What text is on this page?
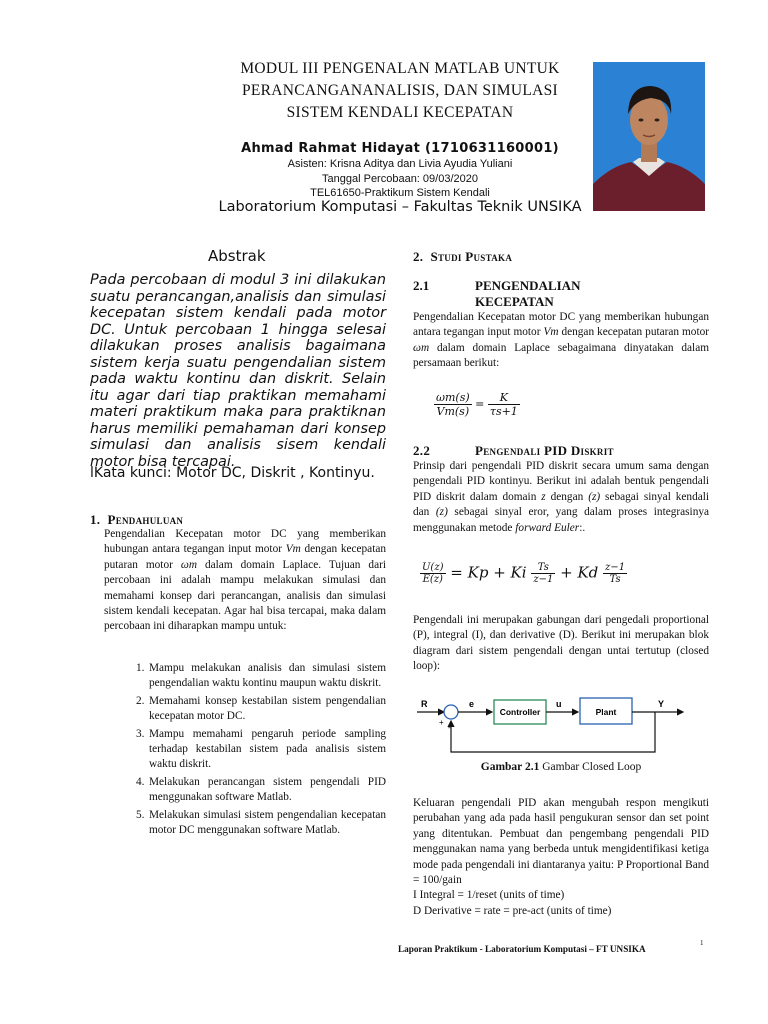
MODUL III PENGENALAN MATLAB UNTUK
PERANCANGANANALISIS, DAN SIMULASI
SISTEM KENDALI KECEPATAN
Ahmad Rahmat Hidayat (1710631160001)
Asisten: Krisna Aditya dan Livia Ayudia Yuliani
Tanggal Percobaan: 09/03/2020
TEL61650-Praktikum Sistem Kendali
Laboratorium Komputasi – Fakultas Teknik UNSIKA
Abstrak
Pada percobaan di modul 3 ini dilakukan suatu perancangan,analisis dan simulasi kecepatan sistem kendali pada motor DC. Untuk percobaan 1 hingga selesai dilakukan proses analisis bagaimana sistem kerja suatu pengendalian sistem pada waktu kontinu dan diskrit. Selain itu agar dari tiap praktikan memahami materi praktikum maka para praktiknan harus memiliki pemahaman dari konsep simulasi dan analisis sisem kendali motor bisa tercapai.
lKata kunci: Motor DC, Diskrit , Kontinyu.
1. Pendahuluan
Pengendalian Kecepatan motor DC yang memberikan hubungan antara tegangan input motor Vm dengan kecepatan putaran motor ωm dalam domain Laplace. Tujuan dari percobaan ini adalah mampu melakukan simulasi dan memahami konsep dari perancangan, analisis dan simulasi sistem kendali kecepatan. Agar hal bisa tercapai, maka dalam percobaan ini diharapkan mampu untuk:
1. Mampu melakukan analisis dan simulasi sistem pengendalian waktu kontinu maupun waktu diskrit.
2. Memahami konsep kestabilan sistem pengendalian kecepatan motor DC.
3. Mampu memahami pengaruh periode sampling terhadap kestabilan sistem pada analisis sistem waktu diskrit.
4. Melakukan perancangan sistem pengendali PID menggunakan software Matlab.
5. Melakukan simulasi sistem pengendalian kecepatan motor DC menggunakan software Matlab.
2. Studi Pustaka
2.1	PENGENDALIAN
KECEPATAN
Pengendalian Kecepatan motor DC yang memberikan hubungan antara tegangan input motor Vm dengan kecepatan putaran motor ωm dalam domain Laplace sebagaimana dinyatakan dalam persamaan berikut:
$\frac{\omega m(s)}{Vm(s)} = \frac{K}{\tau s+1}$
2.2	Pengendali PID Diskrit
Prinsip dari pengendali PID diskrit secara umum sama dengan pengendali PID kontinyu. Berikut ini adalah bentuk pengendali PID diskrit dalam domain z dengan (z) sebagai sinyal kendali dan (z) sebagai sinyal eror, yang dalam proses integrasinya menggunakan metode forward Euler:.
$\frac{U(z)}{E(z)} = Kp + Ki \frac{Ts}{z-1} + Kd \frac{z-1}{Ts}$
Pengendali ini merupakan gabungan dari pengedali proportional (P), integral (I), dan derivative (D). Berikut ini merupakan blok diagram dari sistem pengendali dengan untai tertutup (closed loop):
R
+
-
e
Controller
u
Plant
Y
Gambar 2.1 Gambar Closed Loop
Keluaran pengendali PID akan mengubah respon mengikuti perubahan yang ada pada hasil pengukuran sensor dan set point yang ditentukan. Pembuat dan pengembang pengendali PID menggunakan nama yang berbeda untuk mengidentifikasi ketiga mode pada pengendali ini diantaranya yaitu: P Proportional Band = 100/gain
I Integral = 1/reset (units of time)
D Derivative = rate = pre-act (units of time)
Laporan Praktikum - Laboratorium Komputasi – FT UNSIKA
1
